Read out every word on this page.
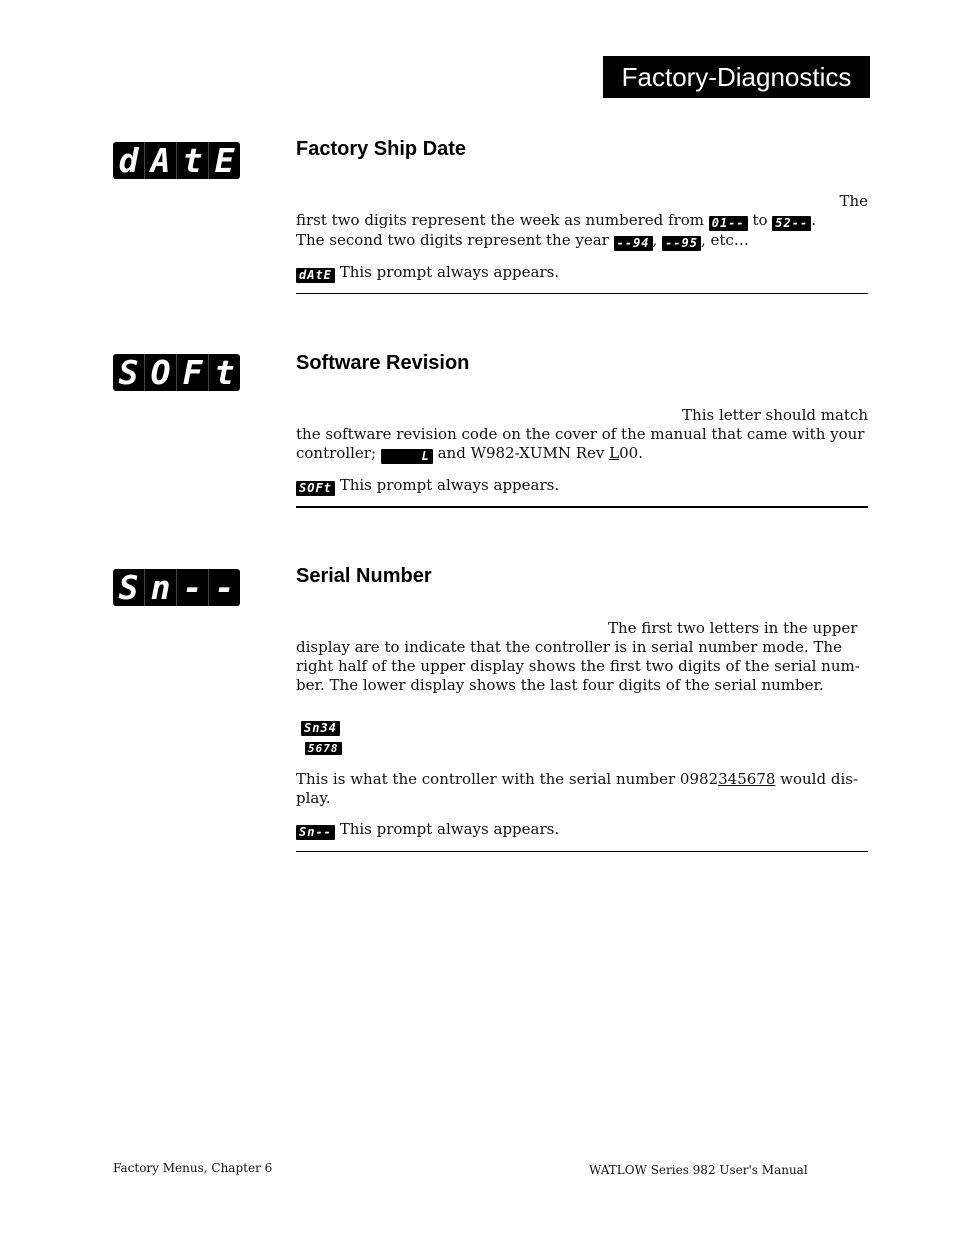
Factory-Diagnostics
d A t E	Factory Ship Date
The
first two digits represent the week as numbered from 01-- to 52-- .
The second two digits represent the year --94 , --95 , etc…
dAtE This prompt always appears.
S O F t	Software Revision
This letter should match
the software revision code on the cover of the manual that came with your
controller;	L and W982-XUMN Rev L00.
SOFt This prompt always appears.
S n - -	Serial Number
The first two letters in the upper
display are to indicate that the controller is in serial number mode. The
right half of the upper display shows the first two digits of the serial num-
ber. The lower display shows the last four digits of the serial number.
Sn34
5678
This is what the controller with the serial number 0982345678 would dis-
play.
Sn-- This prompt always appears.
Factory Menus, Chapter 6	WATLOW Series 982 User's Manual
